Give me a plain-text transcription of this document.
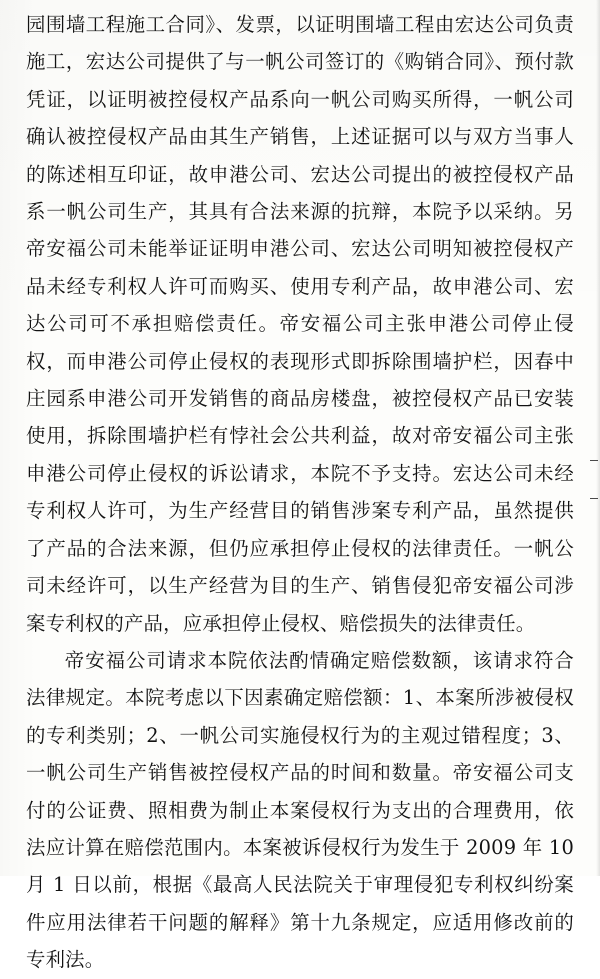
园围墙工程施工合同》、发票，以证明围墙工程由宏达公司负责施工，宏达公司提供了与一帆公司签订的《购销合同》、预付款凭证，以证明被控侵权产品系向一帆公司购买所得，一帆公司确认被控侵权产品由其生产销售，上述证据可以与双方当事人的陈述相互印证，故申港公司、宏达公司提出的被控侵权产品系一帆公司生产，其具有合法来源的抗辩，本院予以采纳。另帝安福公司未能举证证明申港公司、宏达公司明知被控侵权产品未经专利权人许可而购买、使用专利产品，故申港公司、宏达公司可不承担赔偿责任。帝安福公司主张申港公司停止侵权，而申港公司停止侵权的表现形式即拆除围墙护栏，因春中庄园系申港公司开发销售的商品房楼盘，被控侵权产品已安装使用，拆除围墙护栏有悖社会公共利益，故对帝安福公司主张申港公司停止侵权的诉讼请求，本院不予支持。宏达公司未经专利权人许可，为生产经营目的销售涉案专利产品，虽然提供了产品的合法来源，但仍应承担停止侵权的法律责任。一帆公司未经许可，以生产经营为目的生产、销售侵犯帝安福公司涉案专利权的产品，应承担停止侵权、赔偿损失的法律责任。

帝安福公司请求本院依法酌情确定赔偿数额，该请求符合法律规定。本院考虑以下因素确定赔偿额：1、本案所涉被侵权的专利类别；2、一帆公司实施侵权行为的主观过错程度；3、一帆公司生产销售被控侵权产品的时间和数量。帝安福公司支付的公证费、照相费为制止本案侵权行为支出的合理费用，依法应计算在赔偿范围内。本案被诉侵权行为发生于 2009 年 10 月 1 日以前，根据《最高人民法院关于审理侵犯专利权纠纷案件应用法律若干问题的解释》第十九条规定，应适用修改前的专利法。
